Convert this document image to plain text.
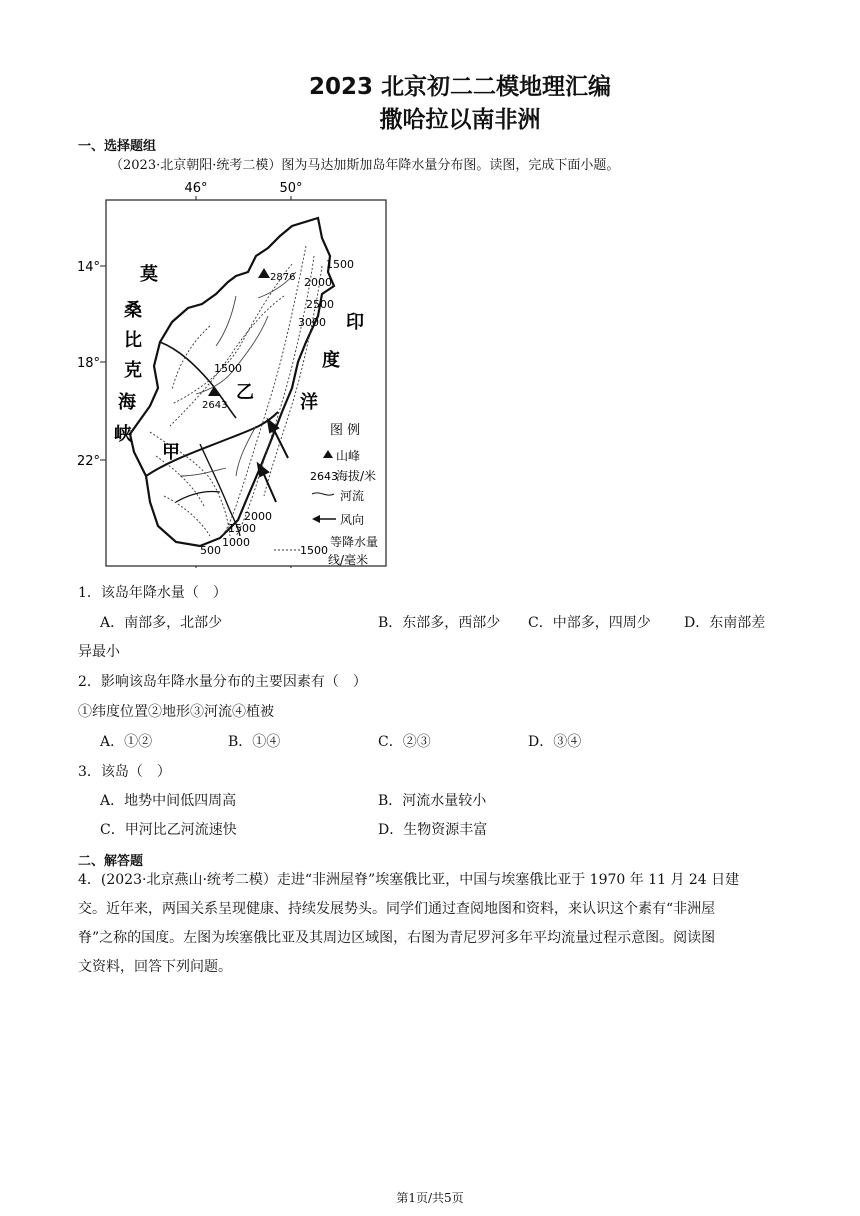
2023 北京初二二模地理汇编
撒哈拉以南非洲
一、选择题组
（2023·北京朝阳·统考二模）图为马达加斯加岛年降水量分布图。读图，完成下面小题。
46°	50°
14°
18°
22°
1500
2000
2500
3000
1500
2000
1500
1000
500
2876
2643
莫
桑
比
克
海
峡
印
度
洋
甲
乙
图 例
山峰
2643
海拔/米
河流
风向
1500
等降水量
线/毫米
1．该岛年降水量（　）
A．南部多，北部少	B．东部多，西部少 C．中部多，四周少 D．东南部差
异最小
2．影响该岛年降水量分布的主要因素有（　）
①纬度位置②地形③河流④植被
A．①②	B．①④	C．②③	D．③④
3．该岛（　）
A．地势中间低四周高	B．河流水量较小
C．甲河比乙河流速快	D．生物资源丰富
二、解答题
4．(2023·北京燕山·统考二模）走进“非洲屋脊”埃塞俄比亚，中国与埃塞俄比亚于 1970 年 11 月 24 日建
交。近年来，两国关系呈现健康、持续发展势头。同学们通过查阅地图和资料，来认识这个素有“非洲屋
脊”之称的国度。左图为埃塞俄比亚及其周边区域图，右图为青尼罗河多年平均流量过程示意图。阅读图
文资料，回答下列问题。
第1页/共5页
